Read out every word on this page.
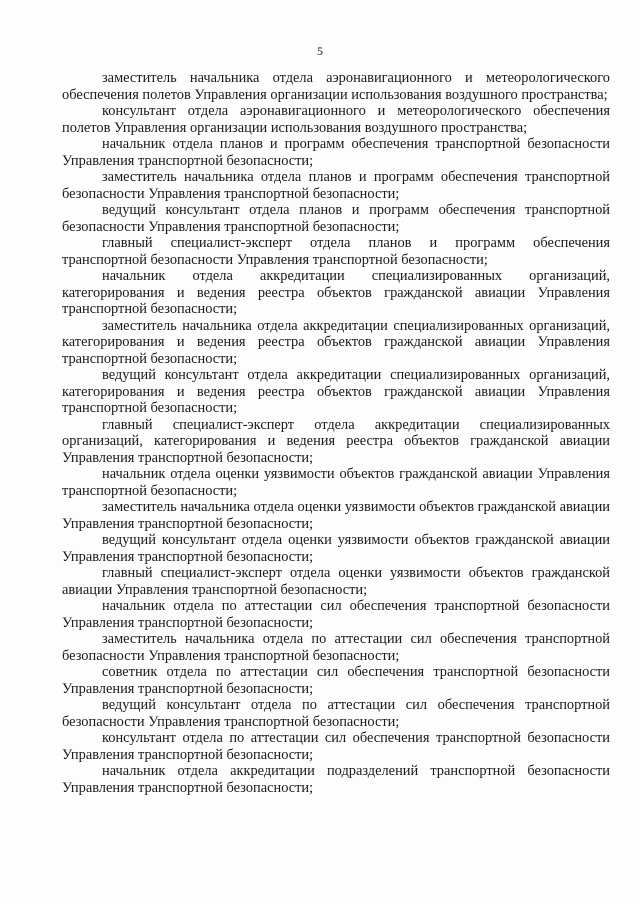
5

заместитель начальника отдела аэронавигационного и метеорологического обеспечения полетов Управления организации использования воздушного пространства;

консультант отдела аэронавигационного и метеорологического обеспечения полетов Управления организации использования воздушного пространства;

начальник отдела планов и программ обеспечения транспортной безопасности Управления транспортной безопасности;

заместитель начальника отдела планов и программ обеспечения транспортной безопасности Управления транспортной безопасности;

ведущий консультант отдела планов и программ обеспечения транспортной безопасности Управления транспортной безопасности;

главный специалист-эксперт отдела планов и программ обеспечения транспортной безопасности Управления транспортной безопасности;

начальник отдела аккредитации специализированных организаций, категорирования и ведения реестра объектов гражданской авиации Управления транспортной безопасности;

заместитель начальника отдела аккредитации специализированных организаций, категорирования и ведения реестра объектов гражданской авиации Управления транспортной безопасности;

ведущий консультант отдела аккредитации специализированных организаций, категорирования и ведения реестра объектов гражданской авиации Управления транспортной безопасности;

главный специалист-эксперт отдела аккредитации специализированных организаций, категорирования и ведения реестра объектов гражданской авиации Управления транспортной безопасности;

начальник отдела оценки уязвимости объектов гражданской авиации Управления транспортной безопасности;

заместитель начальника отдела оценки уязвимости объектов гражданской авиации Управления транспортной безопасности;

ведущий консультант отдела оценки уязвимости объектов гражданской авиации Управления транспортной безопасности;

главный специалист-эксперт отдела оценки уязвимости объектов гражданской авиации Управления транспортной безопасности;

начальник отдела по аттестации сил обеспечения транспортной безопасности Управления транспортной безопасности;

заместитель начальника отдела по аттестации сил обеспечения транспортной безопасности Управления транспортной безопасности;

советник отдела по аттестации сил обеспечения транспортной безопасности Управления транспортной безопасности;

ведущий консультант отдела по аттестации сил обеспечения транспортной безопасности Управления транспортной безопасности;

консультант отдела по аттестации сил обеспечения транспортной безопасности Управления транспортной безопасности;

начальник отдела аккредитации подразделений транспортной безопасности Управления транспортной безопасности;
